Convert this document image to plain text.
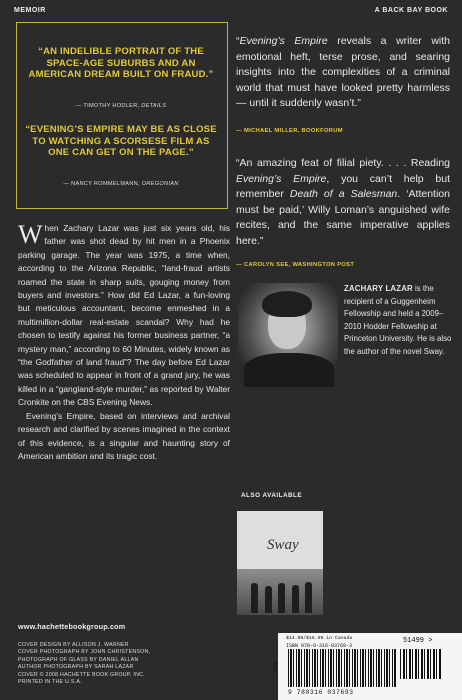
MEMOIR	A BACK BAY BOOK
“AN INDELIBLE PORTRAIT OF THE SPACE-AGE SUBURBS AND AN AMERICAN DREAM BUILT ON FRAUD.”
— TIMOTHY HODLER, DETAILS
“EVENING’S EMPIRE MAY BE AS CLOSE TO WATCHING A SCORSESE FILM AS ONE CAN GET ON THE PAGE.”
— NANCY ROMMELMANN, OREGONIAN
“Evening’s Empire reveals a writer with emotional heft, terse prose, and searing insights into the complexities of a criminal world that must have looked pretty harmless — until it suddenly wasn’t.”
— MICHAEL MILLER, BOOKFORUM
“An amazing feat of filial piety. . . . Reading Evening’s Empire, you can’t help but remember Death of a Salesman. ‘Attention must be paid,’ Willy Loman’s anguished wife recites, and the same imperative applies here.”
— CAROLYN SEE, WASHINGTON POST

When Zachary Lazar was just six years old, his father was shot dead by hit men in a Phoenix parking garage. The year was 1975, a time when, according to the Arizona Republic, “land-fraud artists roamed the state in sharp suits, gouging money from buyers and investors.” How did Ed Lazar, a fun-loving but meticulous accountant, become enmeshed in a multimillion-dollar real-estate scandal? Why had he chosen to testify against his former business partner, “a mystery man,” according to 60 Minutes, widely known as “the Godfather of land fraud”? The day before Ed Lazar was scheduled to appear in front of a grand jury, he was killed in a “gangland-style murder,” as reported by Walter Cronkite on the CBS Evening News.

Evening’s Empire, based on interviews and archival research and clarified by scenes imagined in the context of this evidence, is a singular and haunting story of American ambition and its tragic cost.

ZACHARY LAZAR is the recipient of a Guggenheim Fellowship and held a 2009–2010 Hodder Fellowship at Princeton University. He is also the author of the novel Sway.
ALSO AVAILABLE
Sway
www.hachettebookgroup.com
COVER DESIGN BY ALLISON J. WARNER
COVER PHOTOGRAPH BY JOHN CHRISTENSON,
PHOTOGRAPH OF GLASS BY DANIEL ALLAN
AUTHOR PHOTOGRAPH BY SARAH LAZAR
COVER © 2008 HACHETTE BOOK GROUP, INC.
PRINTED IN THE U.S.A.
$14.99/$16.99 in Canada
ISBN 978-0-316-03769-3
EAN
51499 >
9 780316 037693
